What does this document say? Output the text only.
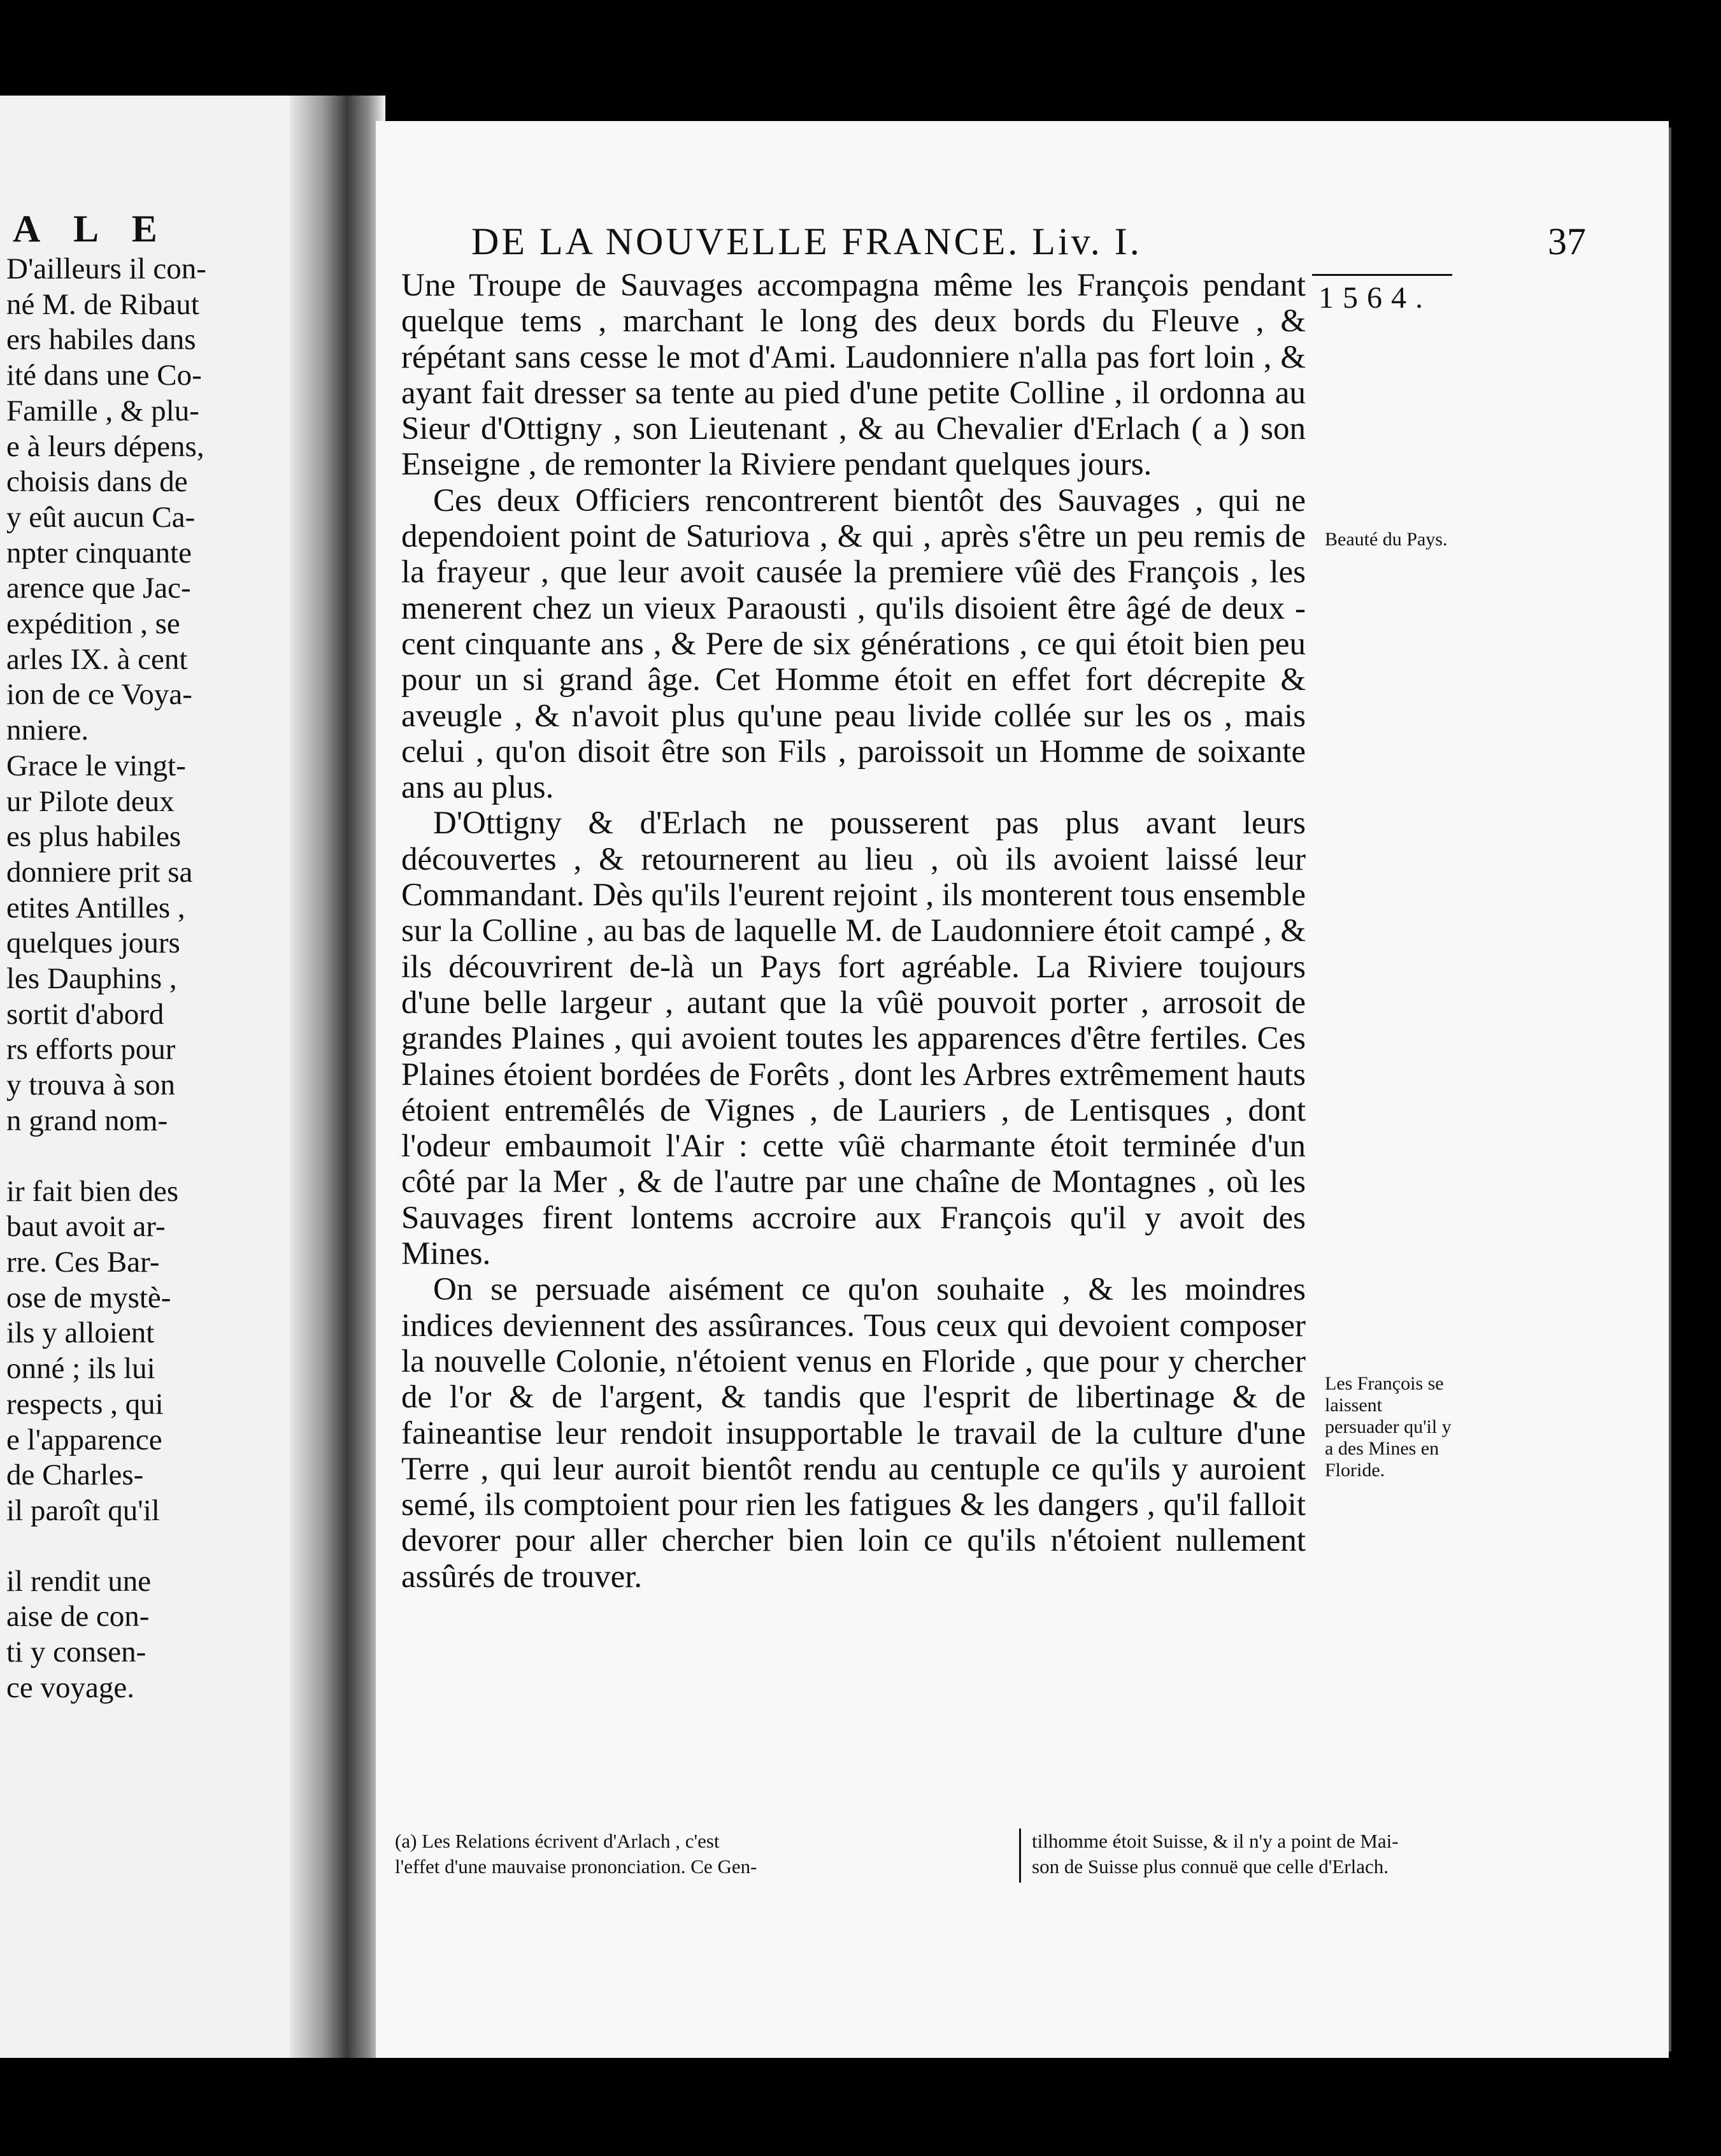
A L E

D'ailleurs il con-
né M. de Ribaut
ers habiles dans
ité dans une Co-
Famille , & plu-
e à leurs dépens,
choisis dans de
y eût aucun Ca-
npter cinquante
arence que Jac-
expédition , se
arles IX. à cent
ion de ce Voya-
nniere.
Grace le vingt-
ur Pilote deux
es plus habiles
donniere prit sa
etites Antilles ,
quelques jours
les Dauphins ,
sortit d'abord
rs efforts pour
y trouva à son
n grand nom-
ir fait bien des
baut avoit ar-
rre. Ces Bar-
ose de mystè-
ils y alloient
onné ; ils lui
respects , qui
e l'apparence
de Charles-
il paroît qu'il
il rendit une
aise de con-
ti y consen-
ce voyage.
DE LA NOUVELLE FRANCE. Liv. I.	37
1564.

Une Troupe de Sauvages accompagna même les François pendant quelque tems , marchant le long des deux bords du Fleuve , & répétant sans cesse le mot d'Ami. Laudonniere n'alla pas fort loin , & ayant fait dresser sa tente au pied d'une petite Colline , il ordonna au Sieur d'Ottigny , son Lieutenant , & au Chevalier d'Erlach ( a ) son Enseigne , de remonter la Riviere pendant quelques jours.

Ces deux Officiers rencontrerent bientôt des Sauvages , qui ne dependoient point de Saturiova , & qui , après s'être un peu remis de la frayeur , que leur avoit causée la premiere vûë des François , les menerent chez un vieux Paraousti , qu'ils disoient être âgé de deux - cent cinquante ans , & Pere de six générations , ce qui étoit bien peu pour un si grand âge. Cet Homme étoit en effet fort décrepite & aveugle , & n'avoit plus qu'une peau livide collée sur les os , mais celui , qu'on disoit être son Fils , paroissoit un Homme de soixante ans au plus.

D'Ottigny & d'Erlach ne pousserent pas plus avant leurs découvertes , & retournerent au lieu , où ils avoient laissé leur Commandant. Dès qu'ils l'eurent rejoint , ils monterent tous ensemble sur la Colline , au bas de laquelle M. de Laudonniere étoit campé , & ils découvrirent de-là un Pays fort agréable. La Riviere toujours d'une belle largeur , autant que la vûë pouvoit porter , arrosoit de grandes Plaines , qui avoient toutes les apparences d'être fertiles. Ces Plaines étoient bordées de Forêts , dont les Arbres extrêmement hauts étoient entremêlés de Vignes , de Lauriers , de Lentisques , dont l'odeur embaumoit l'Air : cette vûë charmante étoit terminée d'un côté par la Mer , & de l'autre par une chaîne de Montagnes , où les Sauvages firent lontems accroire aux François qu'il y avoit des Mines.

On se persuade aisément ce qu'on souhaite , & les moindres indices deviennent des assûrances. Tous ceux qui devoient composer la nouvelle Colonie, n'étoient venus en Floride , que pour y chercher de l'or & de l'argent, & tandis que l'esprit de libertinage & de faineantise leur rendoit insupportable le travail de la culture d'une Terre , qui leur auroit bientôt rendu au centuple ce qu'ils y auroient semé, ils comptoient pour rien les fatigues & les dangers , qu'il falloit devorer pour aller chercher bien loin ce qu'ils n'étoient nullement assûrés de trouver.

Beauté du Pays.

Les François se laissent persuader qu'il y a des Mines en Floride.

(a) Les Relations écrivent d'Arlach , c'est
l'effet d'une mauvaise prononciation. Ce Gen-
tilhomme étoit Suisse, & il n'y a point de Mai-
son de Suisse plus connuë que celle d'Erlach.
